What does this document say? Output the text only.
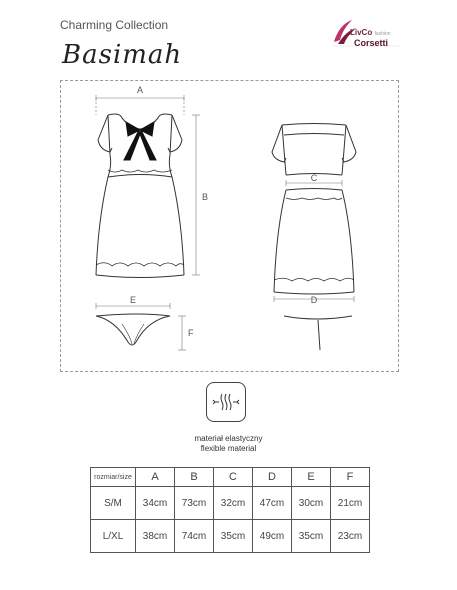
Charming Collection
Basimah
LivCo fashion
Corsetti
A
B
C
D
E
F
materiał elastyczny
flexible material
rozmiar/size	A	B	C	D	E	F
S/M	34cm	73cm	32cm	47cm	30cm	21cm
L/XL	38cm	74cm	35cm	49cm	35cm	23cm
